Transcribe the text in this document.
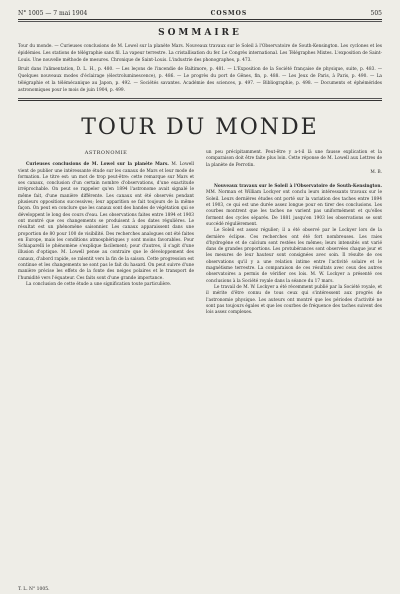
N° 1005 — 7 mai 1904	COSMOS	505
SOMMAIRE

Tour du monde. — Curieuses conclusions de M. Lowel sur la planète Mars. Nouveaux travaux sur le Soleil à l'Observatoire de South-Kensington. Les cyclones et les épidémies. Les stations de télégraphie sans fil. La vapeur terrestre. La cristallisation du fer. Le Congrès international. Les Télégraphes Mixtes. L'exposition de Saint-Louis. Une nouvelle méthode de mesures. Chronique de Saint-Louis. L'industrie des phonographes, p. 473.

Bruit dans l'alimentation, D. L. H., p. 480. — Les leçons de l'incendie de Baltimore, p. 481. — L'Exposition de la Société française de physique, suite, p. 483. — Quelques nouveaux modes d'éclairage (électroluminescence), p. 486. — Le progrès du port de Gênes, fin, p. 488. — Les Jeux de Paris, à Paris, p. 490. — La télégraphie et la télémécanique au Japon, p. 492. — Sociétés savantes. Académie des sciences, p. 497. — Bibliographie, p. 498. — Documents et éphémérides astronomiques pour le mois de juin 1904, p. 499.

TOUR DU MONDE
ASTRONOMIE

Curieuses conclusions de M. Lowel sur la planète Mars. M. Lowell vient de publier une intéressante étude sur les canaux de Mars et leur mode de formation. Le titre est: un mot de trop peut-être: cette remarque sur Mars et ses canaux, conclusion d'un certain nombre d'observations, d'une exactitude irréprochable. On peut se rappeler qu'en 1894 l'astronome avait signalé le même fait, d'une manière différente. Les canaux ont été observés pendant plusieurs oppositions successives; leur apparition se fait toujours de la même façon. On peut en conclure que les canaux sont des bandes de végétation qui se développent le long des cours d'eau. Les observations faites entre 1894 et 1903 ont montré que ces changements se produisent à des dates régulières. Le résultat est un phénomène saisonnier. Les canaux apparaissent dans une proportion de 80 pour 100 de visibilité. Des recherches analogues ont été faites en Europe, mais les conditions atmosphériques y sont moins favorables. Pour Schiaparelli le phénomène s'explique facilement; pour d'autres, il s'agit d'une illusion d'optique. M. Lowell pense au contraire que le développement des canaux, d'abord rapide, se ralentit vers la fin de la saison. Cette progression est continue et les changements ne sont pas le fait du hasard. On peut suivre d'une manière précise les effets de la fonte des neiges polaires et le transport de l'humidité vers l'équateur. Ces faits sont d'une grande importance.

La conclusion de cette étude a une signification toute particulière.

un peu précipitamment. Peut-être y a-t-il là une fausse explication et la comparaison doit être faite plus loin. Cette réponse de M. Lowell aux Lettres de la planète de Perrotin.

M. B.

Nouveaux travaux sur le Soleil à l'Observatoire de South-Kensington. MM. Norman et William Lockyer ont conclu leurs intéressants travaux sur le Soleil. Leurs dernières études ont porté sur la variation des taches entre 1894 et 1903, ce qui est une durée assez longue pour en tirer des conclusions. Les courbes montrent que les taches ne varient pas uniformément et qu'elles forment des cycles séparés. De 1881 jusqu'en 1903 les observations se sont succédé régulièrement.

Le Soleil est assez régulier; il a été observé par le Lockyer lors de la dernière éclipse. Ces recherches ont été fort nombreuses. Les raies d'hydrogène et de calcium sont restées les mêmes; leurs intensités ont varié dans de grandes proportions. Les protubérances sont observées chaque jour et les mesures de leur hauteur sont consignées avec soin. Il résulte de ces observations qu'il y a une relation intime entre l'activité solaire et le magnétisme terrestre. La comparaison de ces résultats avec ceux des autres observatoires a permis de vérifier ces lois. M. W. Lockyer a présenté ces conclusions à la Société royale dans la séance du 17 mars.

Le travail de M. W. Lockyer a été récemment publié par la Société royale, et il mérite d'être connu de tous ceux qui s'intéressent aux progrès de l'astronomie physique. Les auteurs ont montré que les périodes d'activité ne sont pas toujours égales et que les courbes de fréquence des taches suivent des lois assez complexes.

T. L. N° 1005.
